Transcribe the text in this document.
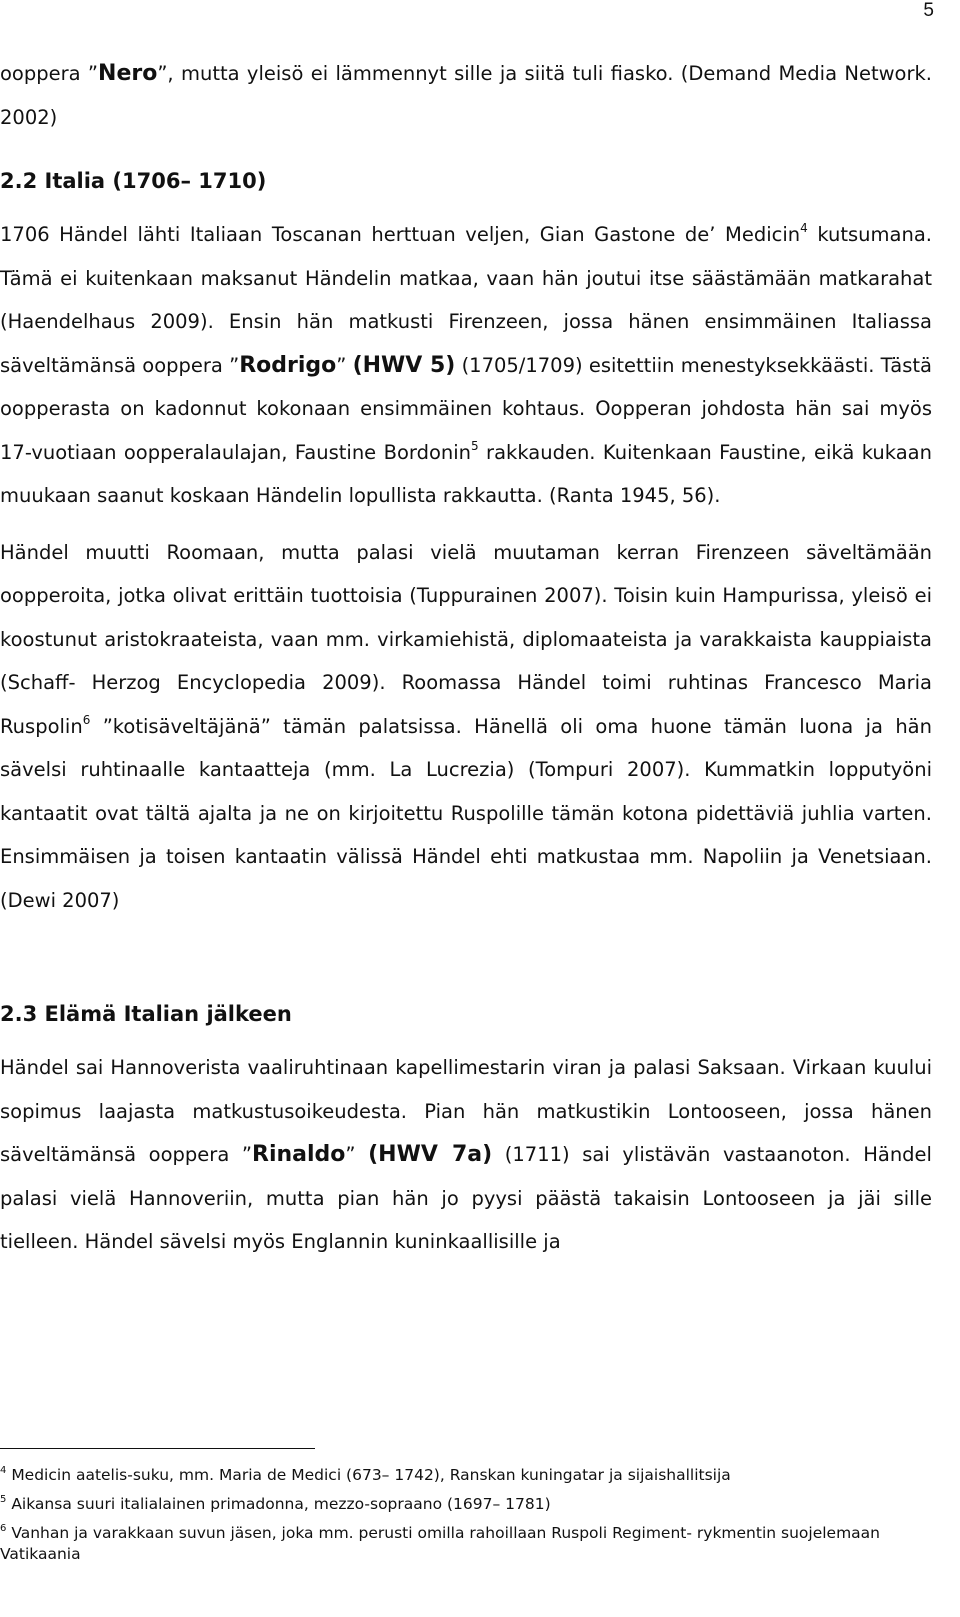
5

ooppera ”Nero”, mutta yleisö ei lämmennyt sille ja siitä tuli fiasko. (Demand Media Network. 2002)

2.2 Italia (1706– 1710)

1706 Händel lähti Italiaan Toscanan herttuan veljen, Gian Gastone de’ Medicin$^4$ kutsumana. Tämä ei kuitenkaan maksanut Händelin matkaa, vaan hän joutui itse säästämään matkarahat (Haendelhaus 2009). Ensin hän matkusti Firenzeen, jossa hänen ensimmäinen Italiassa säveltämänsä ooppera ”Rodrigo” (HWV 5) (1705/1709) esitettiin menestyksekkäästi. Tästä oopperasta on kadonnut kokonaan ensimmäinen kohtaus. Oopperan johdosta hän sai myös 17-vuotiaan oopperalaulajan, Faustine Bordonin$^5$ rakkauden. Kuitenkaan Faustine, eikä kukaan muukaan saanut koskaan Händelin lopullista rakkautta. (Ranta 1945, 56).

Händel muutti Roomaan, mutta palasi vielä muutaman kerran Firenzeen säveltämään oopperoita, jotka olivat erittäin tuottoisia (Tuppurainen 2007). Toisin kuin Hampurissa, yleisö ei koostunut aristokraateista, vaan mm. virkamiehistä, diplomaateista ja varakkaista kauppiaista (Schaff- Herzog Encyclopedia 2009). Roomassa Händel toimi ruhtinas Francesco Maria Ruspolin$^6$ ”kotisäveltäjänä” tämän palatsissa. Hänellä oli oma huone tämän luona ja hän sävelsi ruhtinaalle kantaatteja (mm. La Lucrezia) (Tompuri 2007). Kummatkin lopputyöni kantaatit ovat tältä ajalta ja ne on kirjoitettu Ruspolille tämän kotona pidettäviä juhlia varten. Ensimmäisen ja toisen kantaatin välissä Händel ehti matkustaa mm. Napoliin ja Venetsiaan. (Dewi 2007)

2.3 Elämä Italian jälkeen

Händel sai Hannoverista vaaliruhtinaan kapellimestarin viran ja palasi Saksaan. Virkaan kuului sopimus laajasta matkustusoikeudesta. Pian hän matkustikin Lontooseen, jossa hänen säveltämänsä ooppera ”Rinaldo” (HWV 7a) (1711) sai ylistävän vastaanoton. Händel palasi vielä Hannoveriin, mutta pian hän jo pyysi päästä takaisin Lontooseen ja jäi sille tielleen. Händel sävelsi myös Englannin kuninkaallisille ja

$^4$ Medicin aatelis-suku, mm. Maria de Medici (673– 1742), Ranskan kuningatar ja sijaishallitsija

$^5$ Aikansa suuri italialainen primadonna, mezzo-sopraano (1697– 1781)

$^6$ Vanhan ja varakkaan suvun jäsen, joka mm. perusti omilla rahoillaan Ruspoli Regiment- rykmentin suojelemaan Vatikaania
